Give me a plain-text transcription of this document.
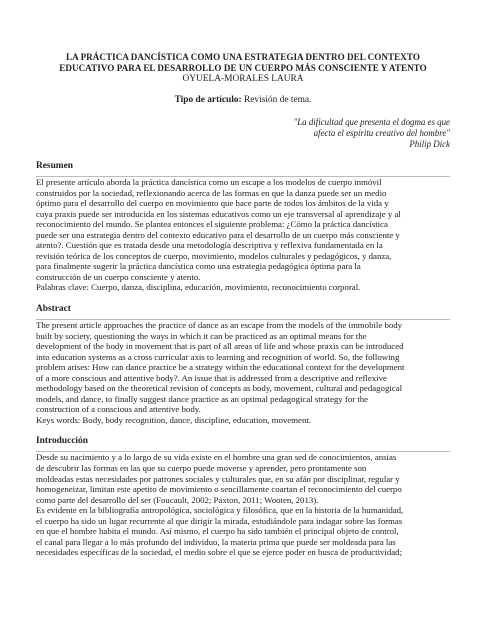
LA PRÁCTICA DANCÍSTICA COMO UNA ESTRATEGIA DENTRO DEL CONTEXTO
EDUCATIVO PARA EL DESARROLLO DE UN CUERPO MÁS CONSCIENTE Y ATENTO
OYUELA-MORALES LAURA
Tipo de artículo: Revisión de tema.
"La dificultad que presenta el dogma es que
afecta el espíritu creativo del hombre"
Philip Dick
Resumen

El presente artículo aborda la práctica dancística como un escape a los modelos de cuerpo inmóvil

construidos por la sociedad, reflexionando acerca de las formas en que la danza puede ser un medio

óptimo para el desarrollo del cuerpo en movimiento que hace parte de todos los ámbitos de la vida y

cuya praxis puede ser introducida en los sistemas educativos como un eje transversal al aprendizaje y al

reconocimiento del mundo. Se plantea entonces el siguiente problema: ¿Cómo la práctica dancística

puede ser una estrategia dentro del contexto educativo para el desarrollo de un cuerpo más consciente y

atento?. Cuestión que es tratada desde una metodología descriptiva y reflexiva fundamentada en la

revisión teórica de los conceptos de cuerpo, movimiento, modelos culturales y pedagógicos, y danza,

para finalmente sugerir la práctica dancística como una estrategia pedagógica óptima para la

construcción de un cuerpo consciente y atento.

Palabras clave: Cuerpo, danza, disciplina, educación, movimiento, reconocimiento corporal.

Abstract

The present article approaches the practice of dance as an escape from the models of the immobile body

built by society, questioning the ways in which it can be practiced as an optimal means for the

development of the body in movement that is part of all areas of life and whose praxis can be introduced

into education systems as a cross curricular axis to learning and recognition of world. So, the following

problem arises: How can dance practice be a strategy within the educational context for the development

of a more conscious and attentive body?. An issue that is addressed from a descriptive and reflexive

methodology based on the theoretical revision of concepts as body, movement, cultural and pedagogical

models, and dance, to finally suggest dance practice as an optimal pedagogical strategy for the

construction of a conscious and attentive body.

Keys words: Body, body recognition, dance, discipline, education, movement.

Introducción

Desde su nacimiento y a lo largo de su vida existe en el hombre una gran sed de conocimientos, ansias

de descubrir las formas en las que su cuerpo puede moverse y aprender, pero prontamente son

moldeadas estas necesidades por patrones sociales y culturales que, en su afán por disciplinar, regular y

homogeneizar, limitan este apetito de movimiento o sencillamente coartan el reconocimiento del cuerpo

como parte del desarrollo del ser (Foucault, 2002; Paxton, 2011; Wooten, 2013).

Es evidente en la bibliografía antropológica, sociológica y filosófica, que en la historia de la humanidad,

el cuerpo ha sido un lugar recurrente al que dirigir la mirada, estudiándole para indagar sobre las formas

en que el hombre habita el mundo. Así mismo, el cuerpo ha sido también el principal objeto de control,

el canal para llegar a lo más profundo del individuo, la materia prima que puede ser moldeada para las

necesidades específicas de la sociedad, el medio sobre el que se ejerce poder en busca de productividad;
